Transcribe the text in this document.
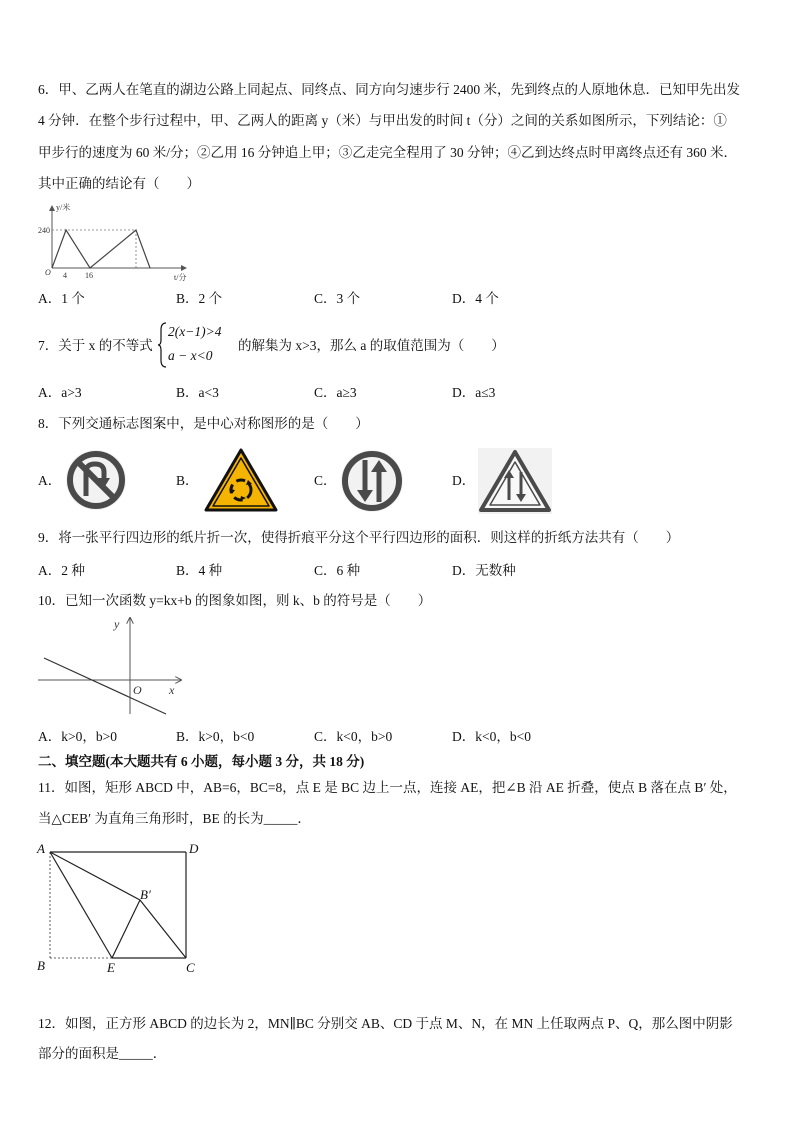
6．甲、乙两人在笔直的湖边公路上同起点、同终点、同方向匀速步行 2400 米，先到终点的人原地休息．已知甲先出发
4 分钟．在整个步行过程中，甲、乙两人的距离 y（米）与甲出发的时间 t（分）之间的关系如图所示，下列结论：①
甲步行的速度为 60 米/分；②乙用 16 分钟追上甲；③乙走完全程用了 30 分钟；④乙到达终点时甲离终点还有 360 米．
其中正确的结论有（　　）
y/米
t/分
O
240
4 16
A．1 个	B．2 个	C．3 个	D．4 个
7．关于 x 的不等式
2(x−1)>4
a − x<0
的解集为 x>3，那么 a 的取值范围为（　　）
A．a>3	B．a<3	C．a≥3	D．a≤3
8．下列交通标志图案中，是中心对称图形的是（　　）
A．	B．	C．	D．
9．将一张平行四边形的纸片折一次，使得折痕平分这个平行四边形的面积．则这样的折纸方法共有（　　）
A．2 种	B．4 种	C．6 种	D．无数种
10．已知一次函数 y=kx+b 的图象如图，则 k、b 的符号是（　　）
y
x
O
A．k>0，b>0	B．k>0，b<0	C．k<0，b>0	D．k<0，b<0
二、填空题(本大题共有 6 小题，每小题 3 分，共 18 分)
11．如图，矩形 ABCD 中，AB=6，BC=8，点 E 是 BC 边上一点，连接 AE，把∠B 沿 AE 折叠，使点 B 落在点 B′ 处，
当△CEB′ 为直角三角形时，BE 的长为_____．
A	D
B	E	C
B′
12．如图，正方形 ABCD 的边长为 2，MN∥BC 分别交 AB、CD 于点 M、N，在 MN 上任取两点 P、Q，那么图中阴影
部分的面积是_____．
